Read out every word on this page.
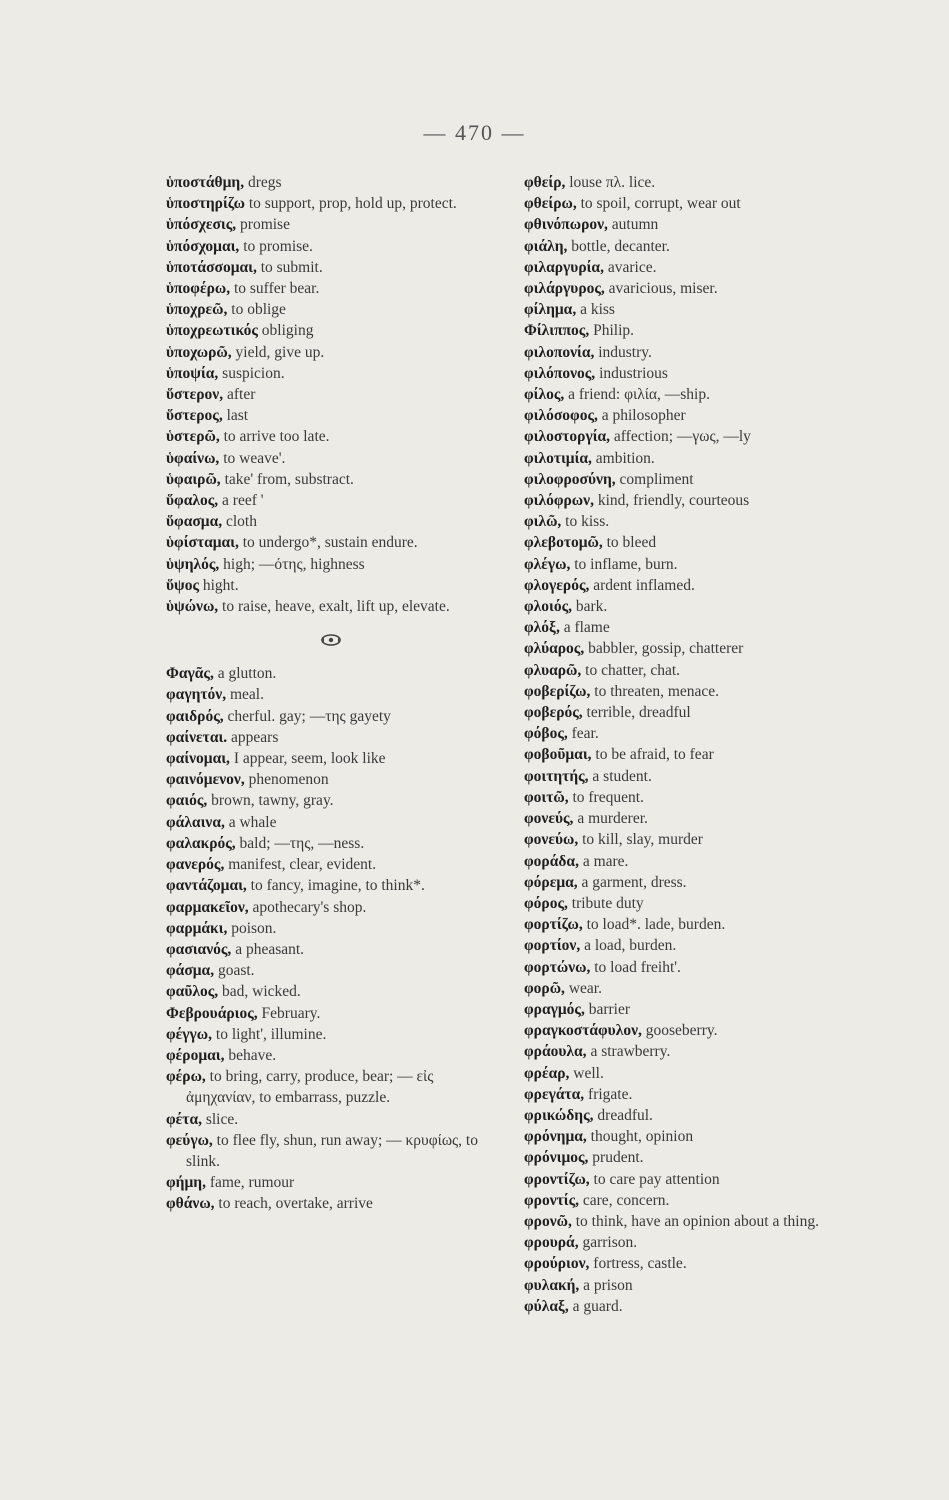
— 470 —

ὑποστάθμη, dregs

ὑποστηρίζω to support, prop, hold up, protect.

ὑπόσχεσις, promise

ὑπόσχομαι, to promise.

ὑποτάσσομαι, to submit.

ὑποφέρω, to suffer bear.

ὑποχρεῶ, to oblige

ὑποχρεωτικός obliging

ὑποχωρῶ, yield, give up.

ὑποψία, suspicion.

ὕστερον, after

ὕστερος, last

ὑστερῶ, to arrive too late.

ὑφαίνω, to weave'.

ὑφαιρῶ, take' from, substract.

ὕφαλος, a reef '

ὕφασμα, cloth

ὑφίσταμαι, to undergo*, sustain endure.

ὑψηλός, high; —ότης, highness

ὕψος hight.

ὑψώνω, to raise, heave, exalt, lift up, elevate.

Φαγᾶς, a glutton.

φαγητόν, meal.

φαιδρός, cherful. gay; —της gayety

φαίνεται. appears

φαίνομαι, I appear, seem, look like

φαινόμενον, phenomenon

φαιός, brown, tawny, gray.

φάλαινα, a whale

φαλακρός, bald; —της, —ness.

φανερός, manifest, clear, evident.

φαντάζομαι, to fancy, imagine, to think*.

φαρμακεῖον, apothecary's shop.

φαρμάκι, poison.

φασιανός, a pheasant.

φάσμα, goast.

φαῦλος, bad, wicked.

Φεβρουάριος, February.

φέγγω, to light', illumine.

φέρομαι, behave.

φέρω, to bring, carry, produce, bear; — εἰς ἀμηχανίαν, to embarrass, puzzle.

φέτα, slice.

φεύγω, to flee fly, shun, run away; — κρυφίως, to slink.

φήμη, fame, rumour

φθάνω, to reach, overtake, arrive

φθείρ, louse πλ. lice.

φθείρω, to spoil, corrupt, wear out

φθινόπωρον, autumn

φιάλη, bottle, decanter.

φιλαργυρία, avarice.

φιλάργυρος, avaricious, miser.

φίλημα, a kiss

Φίλιππος, Philip.

φιλοπονία, industry.

φιλόπονος, industrious

φίλος, a friend: φιλία, —ship.

φιλόσοφος, a philosopher

φιλοστοργία, affection; —γως, —ly

φιλοτιμία, ambition.

φιλοφροσύνη, compliment

φιλόφρων, kind, friendly, courteous

φιλῶ, to kiss.

φλεβοτομῶ, to bleed

φλέγω, to inflame, burn.

φλογερός, ardent inflamed.

φλοιός, bark.

φλόξ, a flame

φλύαρος, babbler, gossip, chatterer

φλυαρῶ, to chatter, chat.

φοβερίζω, to threaten, menace.

φοβερός, terrible, dreadful

φόβος, fear.

φοβοῦμαι, to be afraid, to fear

φοιτητής, a student.

φοιτῶ, to frequent.

φονεύς, a murderer.

φονεύω, to kill, slay, murder

φοράδα, a mare.

φόρεμα, a garment, dress.

φόρος, tribute duty

φορτίζω, to load*. lade, burden.

φορτίον, a load, burden.

φορτώνω, to load freiht'.

φορῶ, wear.

φραγμός, barrier

φραγκοστάφυλον, gooseberry.

φράουλα, a strawberry.

φρέαρ, well.

φρεγάτα, frigate.

φρικώδης, dreadful.

φρόνημα, thought, opinion

φρόνιμος, prudent.

φροντίζω, to care pay attention

φροντίς, care, concern.

φρονῶ, to think, have an opinion about a thing.

φρουρά, garrison.

φρούριον, fortress, castle.

φυλακή, a prison

φύλαξ, a guard.
